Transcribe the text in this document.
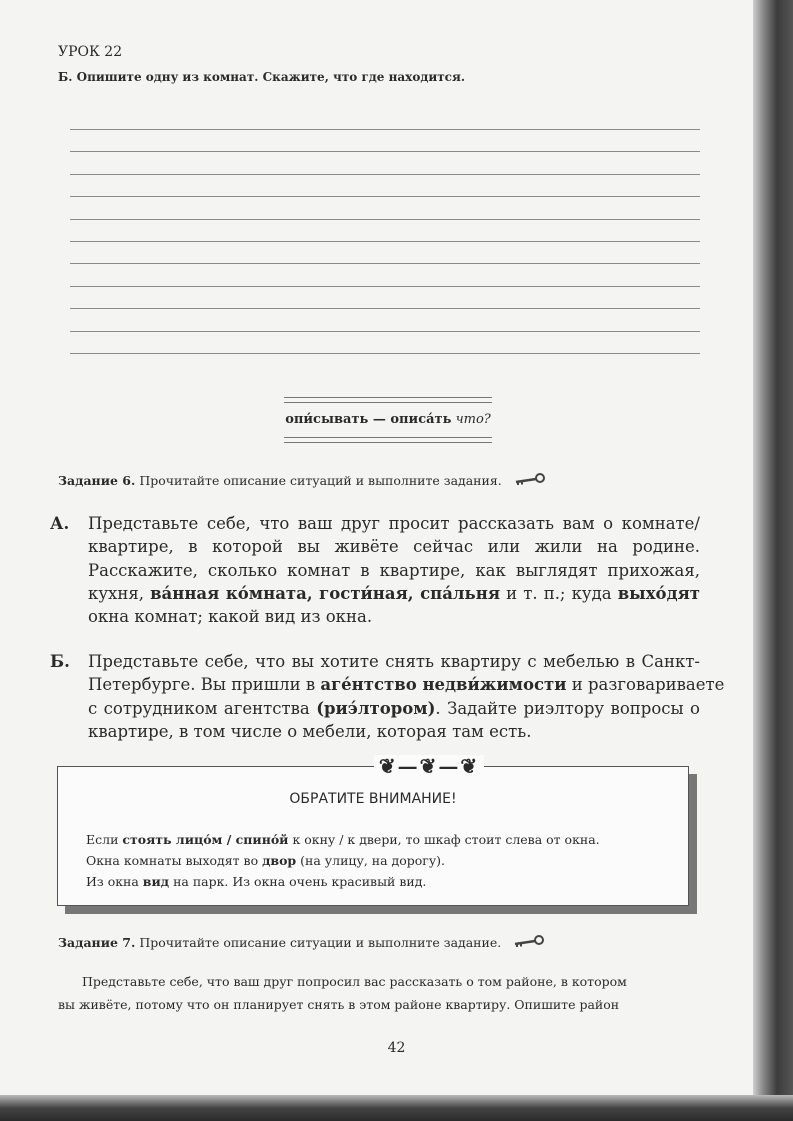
УРОК 22
Б. Опишите одну из комнат. Скажите, что где находится.
опи́сывать — описа́ть что?
Задание 6. Прочитайте описание ситуаций и выполните задания.
А. Представьте себе, что ваш друг просит рассказать вам о комнате/
квартире, в которой вы живёте сейчас или жили на родине.
Расскажите, сколько комнат в квартире, как выглядят прихожая,
кухня, ва́нная ко́мната, гости́ная, спа́льня и т. п.; куда выхо́дят
окна комнат; какой вид из окна.
Б. Представьте себе, что вы хотите снять квартиру с мебелью в Санкт-
Петербурге. Вы пришли в аге́нтство недви́жимости и разговариваете
с сотрудником агентства (риэ́лтором). Задайте риэлтору вопросы о
квартире, в том числе о мебели, которая там есть.
❦—❦—❦
ОБРАТИТЕ ВНИМАНИЕ!
Если стоять лицо́м / спино́й к окну / к двери, то шкаф стоит слева от окна.
Окна комнаты выходят во двор (на улицу, на дорогу).
Из окна вид на парк. Из окна очень красивый вид.
Задание 7. Прочитайте описание ситуации и выполните задание.
Представьте себе, что ваш друг попросил вас рассказать о том районе, в котором
вы живёте, потому что он планирует снять в этом районе квартиру. Опишите район
42
